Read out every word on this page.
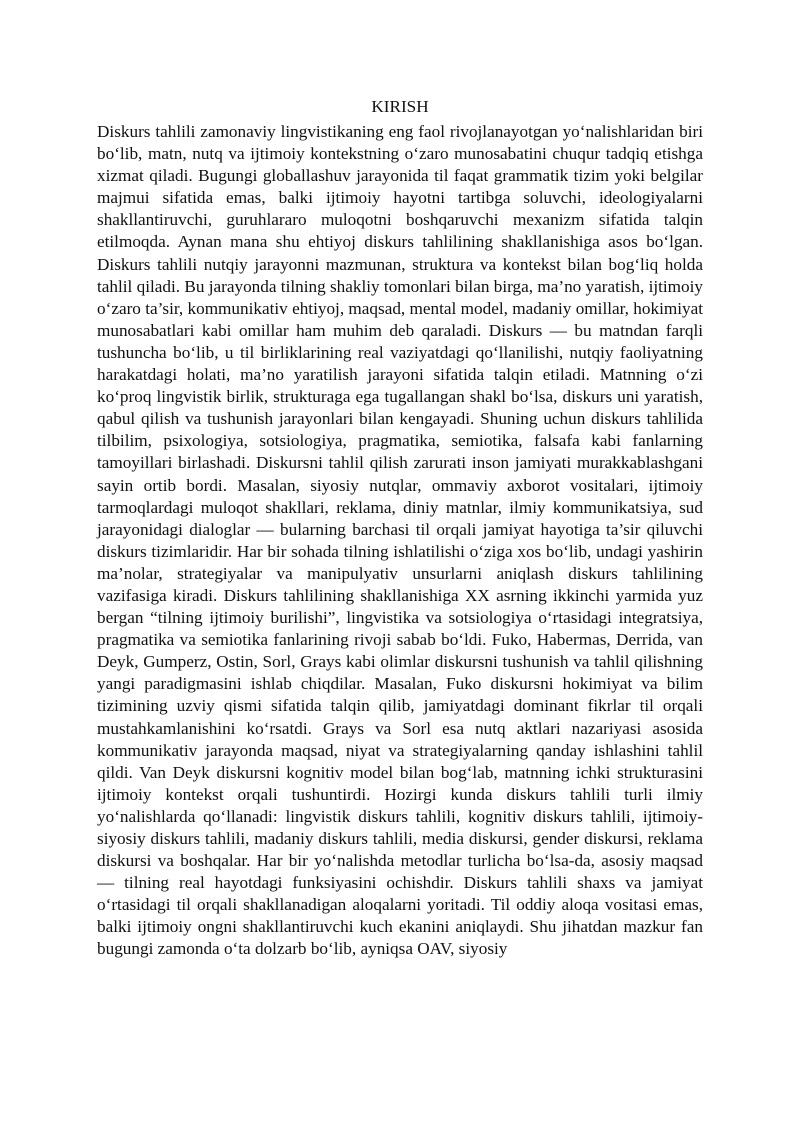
KIRISH

Diskurs tahlili zamonaviy lingvistikaning eng faol rivojlanayotgan yo‘nalishlaridan biri bo‘lib, matn, nutq va ijtimoiy kontekstning o‘zaro munosabatini chuqur tadqiq etishga xizmat qiladi. Bugungi globallashuv jarayonida til faqat grammatik tizim yoki belgilar majmui sifatida emas, balki ijtimoiy hayotni tartibga soluvchi, ideologiyalarni shakllantiruvchi, guruhlararo muloqotni boshqaruvchi mexanizm sifatida talqin etilmoqda. Aynan mana shu ehtiyoj diskurs tahlilining shakllanishiga asos bo‘lgan. Diskurs tahlili nutqiy jarayonni mazmunan, struktura va kontekst bilan bog‘liq holda tahlil qiladi. Bu jarayonda tilning shakliy tomonlari bilan birga, ma’no yaratish, ijtimoiy o‘zaro ta’sir, kommunikativ ehtiyoj, maqsad, mental model, madaniy omillar, hokimiyat munosabatlari kabi omillar ham muhim deb qaraladi. Diskurs — bu matndan farqli tushuncha bo‘lib, u til birliklarining real vaziyatdagi qo‘llanilishi, nutqiy faoliyatning harakatdagi holati, ma’no yaratilish jarayoni sifatida talqin etiladi. Matnning o‘zi ko‘proq lingvistik birlik, strukturaga ega tugallangan shakl bo‘lsa, diskurs uni yaratish, qabul qilish va tushunish jarayonlari bilan kengayadi. Shuning uchun diskurs tahlilida tilbilim, psixologiya, sotsiologiya, pragmatika, semiotika, falsafa kabi fanlarning tamoyillari birlashadi. Diskursni tahlil qilish zarurati inson jamiyati murakkablashgani sayin ortib bordi. Masalan, siyosiy nutqlar, ommaviy axborot vositalari, ijtimoiy tarmoqlardagi muloqot shakllari, reklama, diniy matnlar, ilmiy kommunikatsiya, sud jarayonidagi dialoglar — bularning barchasi til orqali jamiyat hayotiga ta’sir qiluvchi diskurs tizimlaridir. Har bir sohada tilning ishlatilishi o‘ziga xos bo‘lib, undagi yashirin ma’nolar, strategiyalar va manipulyativ unsurlarni aniqlash diskurs tahlilining vazifasiga kiradi. Diskurs tahlilining shakllanishiga XX asrning ikkinchi yarmida yuz bergan “tilning ijtimoiy burilishi”, lingvistika va sotsiologiya o‘rtasidagi integratsiya, pragmatika va semiotika fanlarining rivoji sabab bo‘ldi. Fuko, Habermas, Derrida, van Deyk, Gumperz, Ostin, Sorl, Grays kabi olimlar diskursni tushunish va tahlil qilishning yangi paradigmasini ishlab chiqdilar. Masalan, Fuko diskursni hokimiyat va bilim tizimining uzviy qismi sifatida talqin qilib, jamiyatdagi dominant fikrlar til orqali mustahkamlanishini ko‘rsatdi. Grays va Sorl esa nutq aktlari nazariyasi asosida kommunikativ jarayonda maqsad, niyat va strategiyalarning qanday ishlashini tahlil qildi. Van Deyk diskursni kognitiv model bilan bog‘lab, matnning ichki strukturasini ijtimoiy kontekst orqali tushuntirdi. Hozirgi kunda diskurs tahlili turli ilmiy yo‘nalishlarda qo‘llanadi: lingvistik diskurs tahlili, kognitiv diskurs tahlili, ijtimoiy-siyosiy diskurs tahlili, madaniy diskurs tahlili, media diskursi, gender diskursi, reklama diskursi va boshqalar. Har bir yo‘nalishda metodlar turlicha bo‘lsa-da, asosiy maqsad — tilning real hayotdagi funksiyasini ochishdir. Diskurs tahlili shaxs va jamiyat o‘rtasidagi til orqali shakllanadigan aloqalarni yoritadi. Til oddiy aloqa vositasi emas, balki ijtimoiy ongni shakllantiruvchi kuch ekanini aniqlaydi. Shu jihatdan mazkur fan bugungi zamonda o‘ta dolzarb bo‘lib, ayniqsa OAV, siyosiy
